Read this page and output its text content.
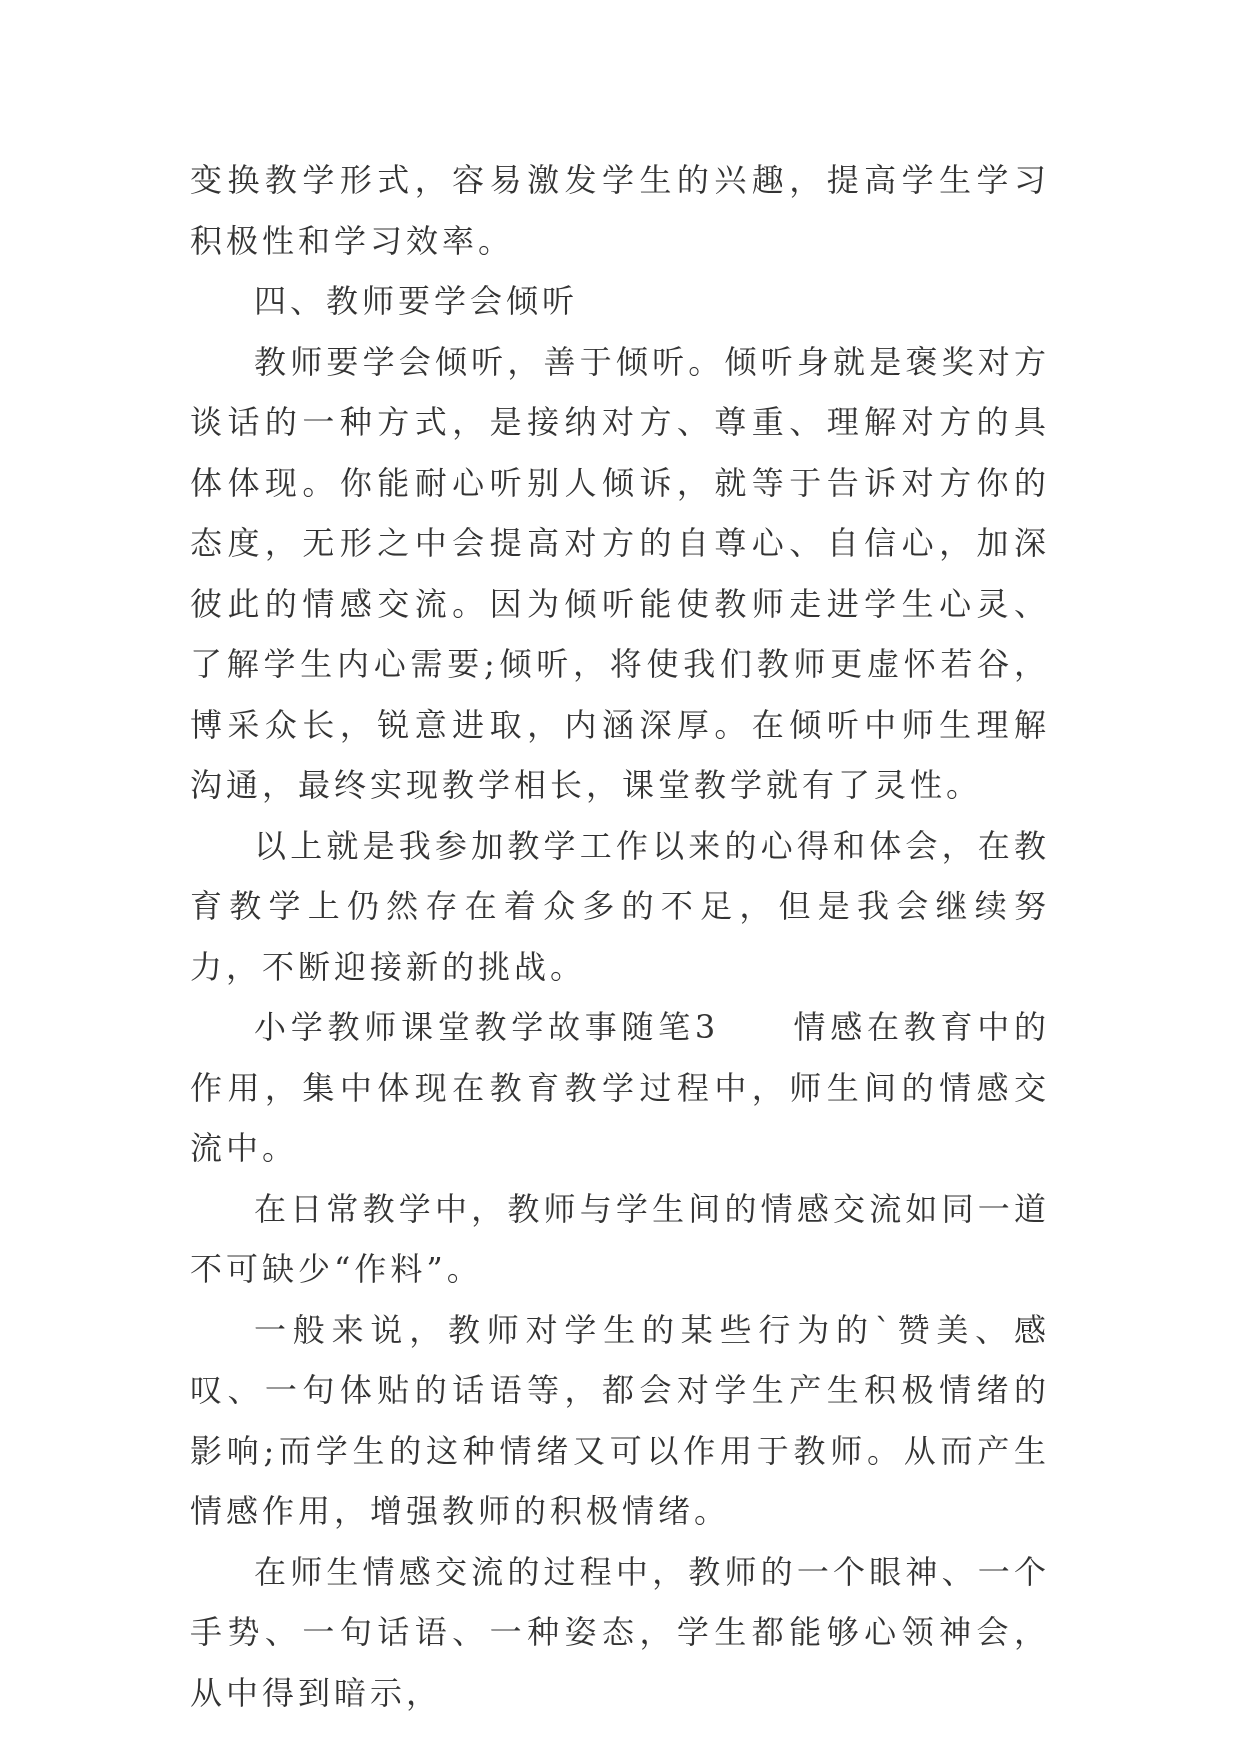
变换教学形式，容易激发学生的兴趣，提高学生学习积极性和学习效率。

四、教师要学会倾听

教师要学会倾听，善于倾听。倾听身就是褒奖对方谈话的一种方式，是接纳对方、尊重、理解对方的具体体现。你能耐心听别人倾诉，就等于告诉对方你的态度，无形之中会提高对方的自尊心、自信心，加深彼此的情感交流。因为倾听能使教师走进学生心灵、了解学生内心需要;倾听，将使我们教师更虚怀若谷，博采众长，锐意进取，内涵深厚。在倾听中师生理解沟通，最终实现教学相长，课堂教学就有了灵性。

以上就是我参加教学工作以来的心得和体会，在教育教学上仍然存在着众多的不足，但是我会继续努力，不断迎接新的挑战。

小学教师课堂教学故事随笔3　　情感在教育中的作用，集中体现在教育教学过程中，师生间的情感交流中。

在日常教学中，教师与学生间的情感交流如同一道不可缺少“作料”。

一般来说，教师对学生的某些行为的`赞美、感叹、一句体贴的话语等，都会对学生产生积极情绪的影响;而学生的这种情绪又可以作用于教师。从而产生情感作用，增强教师的积极情绪。

在师生情感交流的过程中，教师的一个眼神、一个手势、一句话语、一种姿态，学生都能够心领神会，从中得到暗示，
